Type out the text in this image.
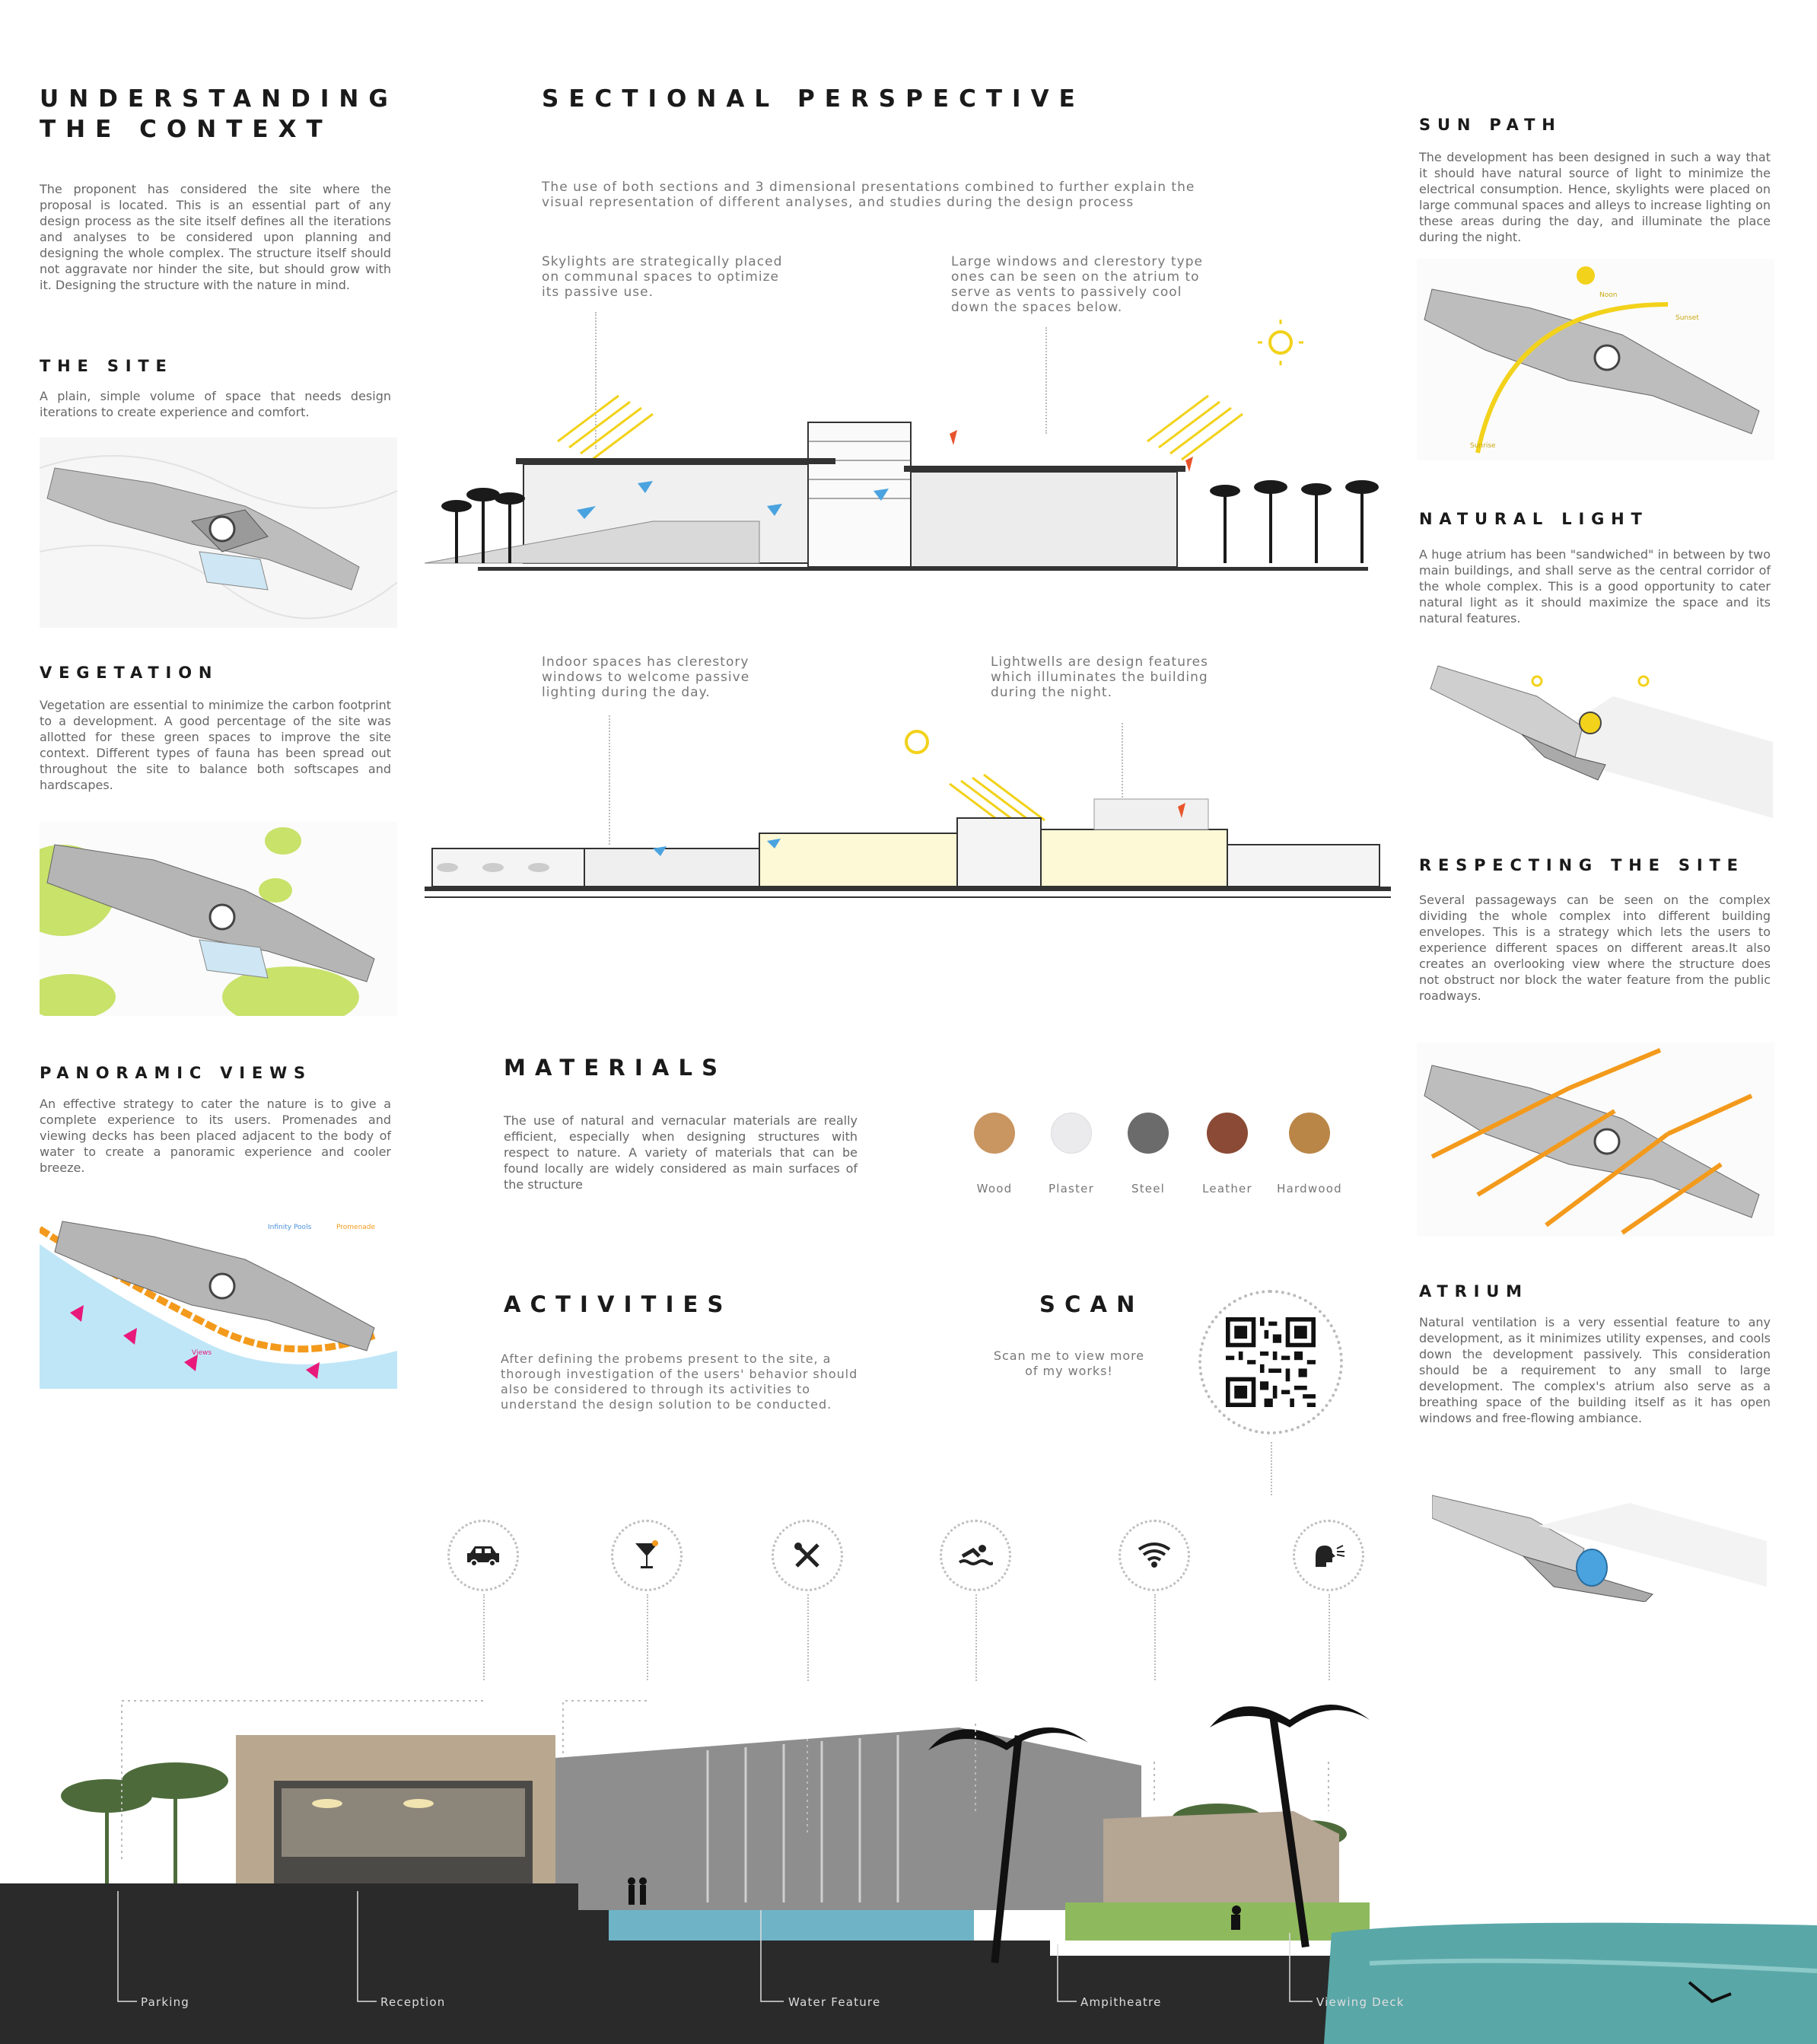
UNDERSTANDING THE CONTEXT
The proponent has considered the site where the proposal is located. This is an essential part of any design process as the site itself defines all the iterations and analyses to be considered upon planning and designing the whole complex. The structure itself should not aggravate nor hinder the site, but should grow with it. Designing the structure with the nature in mind.
THE SITE
A plain, simple volume of space that needs design iterations to create experience and comfort.
VEGETATION
Vegetation are essential to minimize the carbon footprint to a development. A good percentage of the site was allotted for these green spaces to improve the site context. Different types of fauna has been spread out throughout the site to balance both softscapes and hardscapes.
PANORAMIC VIEWS
An effective strategy to cater the nature is to give a complete experience to its users. Promenades and viewing decks has been placed adjacent to the body of water to create a panoramic experience and cooler breeze.
Infinity Pools	Promenade
Views
SECTIONAL PERSPECTIVE
The use of both sections and 3 dimensional presentations combined to further explain the visual representation of different analyses, and studies during the design process
Skylights are strategically placed on communal spaces to optimize its passive use.
Large windows and clerestory type ones can be seen on the atrium to serve as vents to passively cool down the spaces below.
Indoor spaces has clerestory windows to welcome passive lighting during the day.
Lightwells are design features which illuminates the building during the night.
MATERIALS
The use of natural and vernacular materials are really efficient, especially when designing structures with respect to nature. A variety of materials that can be found locally are widely considered as main surfaces of the structure	Wood	Plaster	Steel	Leather	Hardwood
ACTIVITIES
After defining the probems present to the site, a thorough investigation of the users' behavior should also be considered to through its activities to understand the design solution to be conducted.
SCAN
Scan me to view more of my works!
SUN PATH
The development has been designed in such a way that it should have natural source of light to minimize the electrical consumption. Hence, skylights were placed on large communal spaces and alleys to increase lighting on these areas during the day, and illuminate the place during the night.
Noon
Sunset
Sunrise
NATURAL LIGHT
A huge atrium has been "sandwiched" in between by two main buildings, and shall serve as the central corridor of the whole complex. This is a good opportunity to cater natural light as it should maximize the space and its natural features.
RESPECTING THE SITE
Several passageways can be seen on the complex dividing the whole complex into different building envelopes. This is a strategy which lets the users to experience different spaces on different areas.It also creates an overlooking view where the structure does not obstruct nor block the water feature from the public roadways.
ATRIUM
Natural ventilation is a very essential feature to any development, as it minimizes utility expenses, and cools down the development passively. This consideration should be a requirement to any small to large development. The complex's atrium also serve as a breathing space of the building itself as it has open windows and free-flowing ambiance.
Parking	Reception	Water Feature	Ampitheatre	Viewing Deck
